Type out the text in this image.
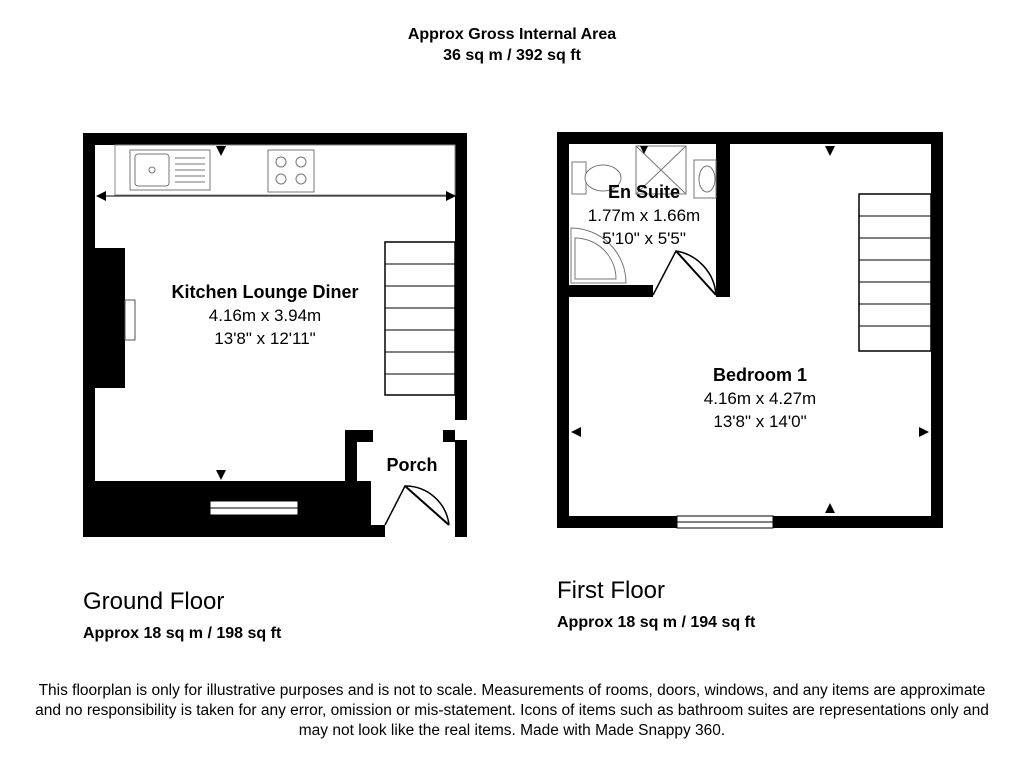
Approx Gross Internal Area
36 sq m / 392 sq ft
Kitchen Lounge Diner
4.16m x 3.94m
13'8" x 12'11"
Porch
En Suite
1.77m x 1.66m
5'10" x 5'5"
Bedroom 1
4.16m x 4.27m
13'8" x 14'0"
Ground Floor
Approx 18 sq m / 198 sq ft
First Floor
Approx 18 sq m / 194 sq ft
This floorplan is only for illustrative purposes and is not to scale. Measurements of rooms, doors, windows, and any items are approximate
and no responsibility is taken for any error, omission or mis-statement. Icons of items such as bathroom suites are representations only and
may not look like the real items. Made with Made Snappy 360.
